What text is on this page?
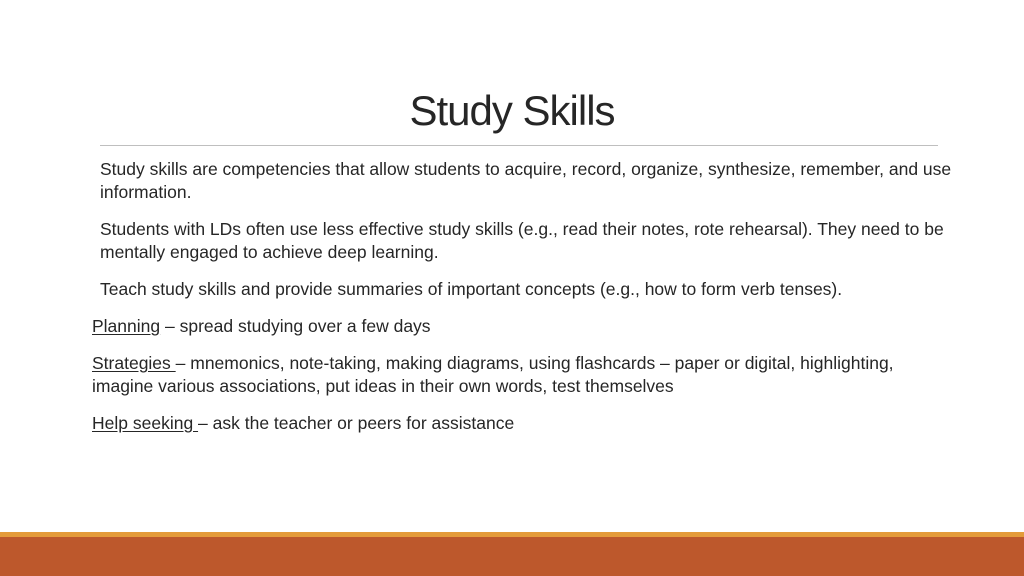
Study Skills

Study skills are competencies that allow students to acquire, record, organize, synthesize, remember, and use information.

Students with LDs often use less effective study skills (e.g., read their notes, rote rehearsal). They need to be mentally engaged to achieve deep learning.

Teach study skills and provide summaries of important concepts (e.g., how to form verb tenses).

Planning – spread studying over a few days

Strategies – mnemonics, note-taking, making diagrams, using flashcards – paper or digital, highlighting, imagine various associations, put ideas in their own words, test themselves

Help seeking – ask the teacher or peers for assistance
